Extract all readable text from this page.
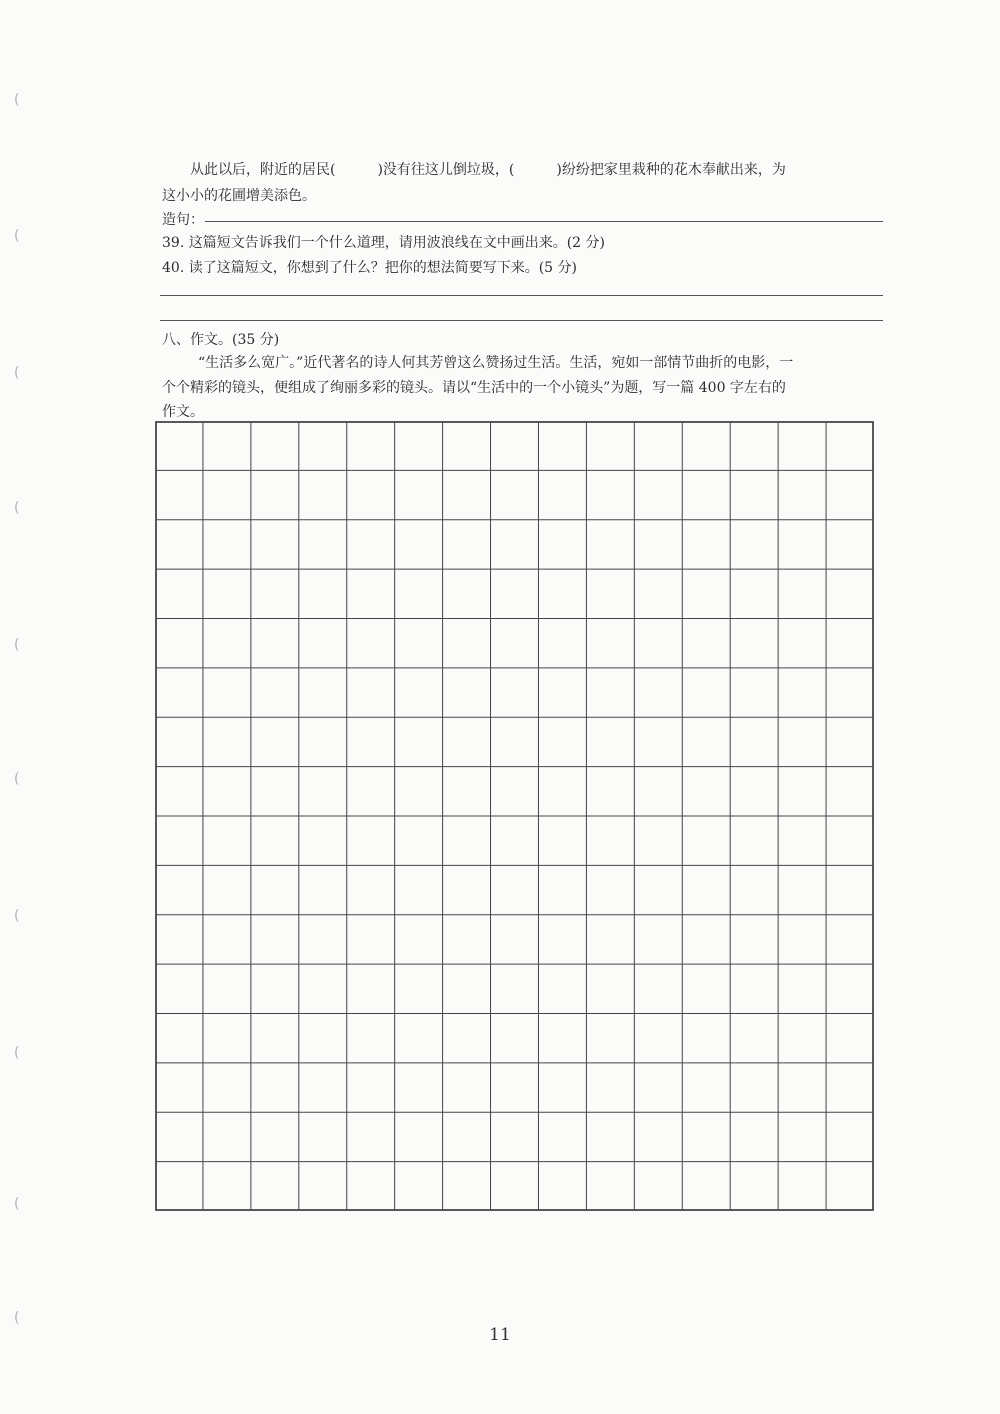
(
(
(
(
(
(
(
(
(
(
从此以后，附近的居民(	)没有往这儿倒垃圾，(	)纷纷把家里栽种的花木奉献出来，为
这小小的花圃增美添色。
造句：
39. 这篇短文告诉我们一个什么道理，请用波浪线在文中画出来。(2 分)
40. 读了这篇短文，你想到了什么？把你的想法简要写下来。(5 分)
八、作文。(35 分)
“生活多么宽广。”近代著名的诗人何其芳曾这么赞扬过生活。生活，宛如一部情节曲折的电影，一
个个精彩的镜头，便组成了绚丽多彩的镜头。请以“生活中的一个小镜头”为题，写一篇 400 字左右的
作文。
11
